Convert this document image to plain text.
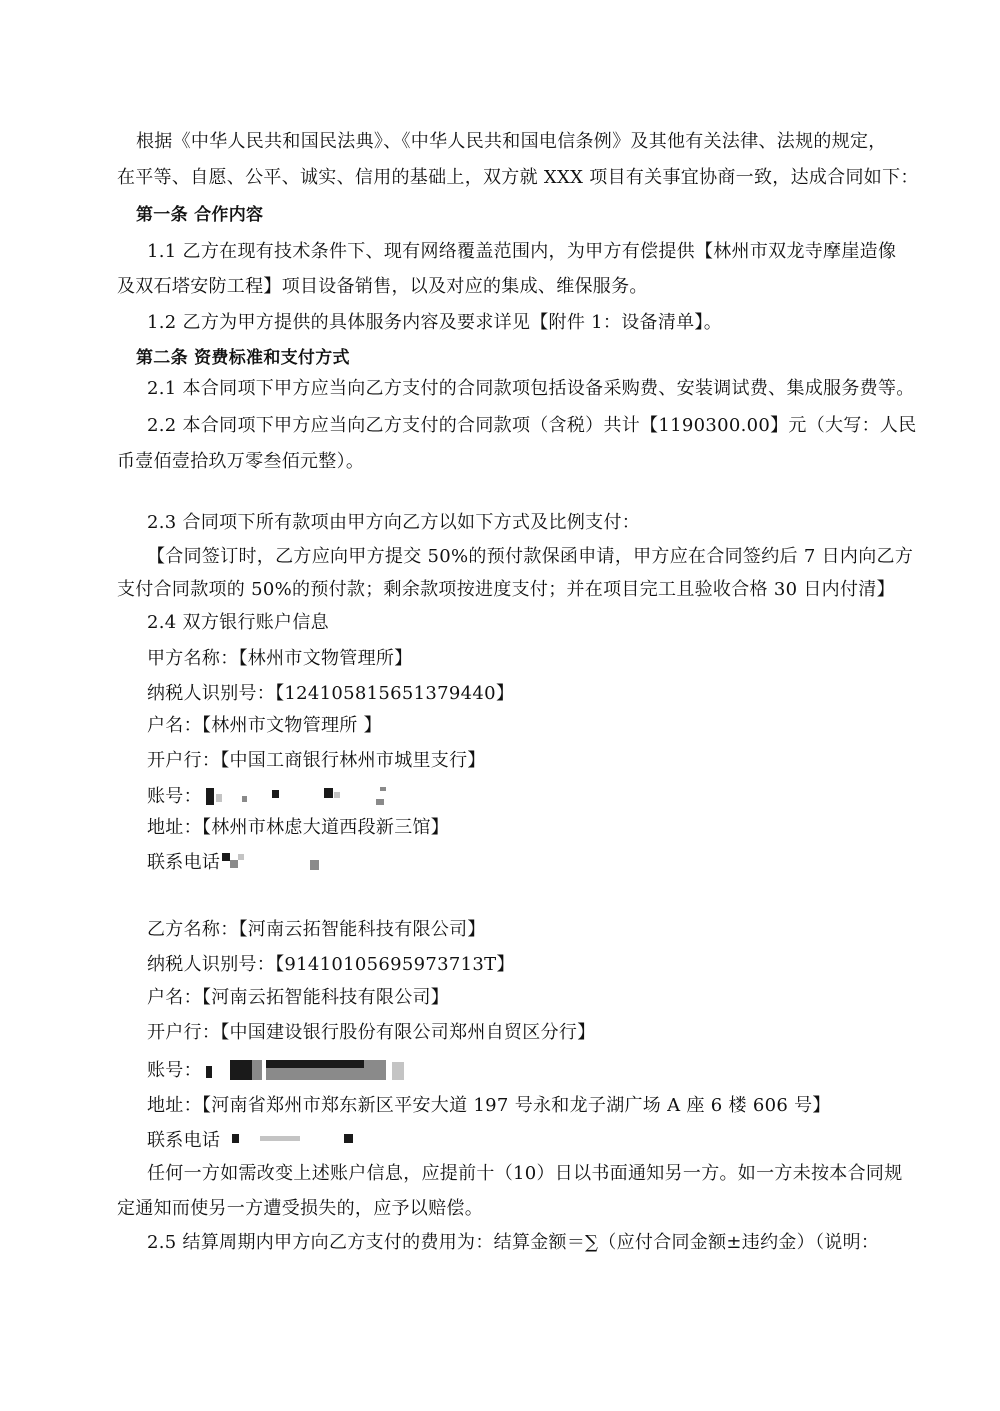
根据《中华人民共和国民法典》、《中华人民共和国电信条例》及其他有关法律、法规的规定，
在平等、自愿、公平、诚实、信用的基础上，双方就 XXX 项目有关事宜协商一致，达成合同如下：
第一条 合作内容
1.1 乙方在现有技术条件下、现有网络覆盖范围内，为甲方有偿提供【林州市双龙寺摩崖造像
及双石塔安防工程】项目设备销售，以及对应的集成、维保服务。
1.2 乙方为甲方提供的具体服务内容及要求详见【附件 1：设备清单】。
第二条 资费标准和支付方式
2.1 本合同项下甲方应当向乙方支付的合同款项包括设备采购费、安装调试费、集成服务费等。
2.2 本合同项下甲方应当向乙方支付的合同款项（含税）共计【1190300.00】元（大写：人民
币壹佰壹拾玖万零叁佰元整）。
2.3 合同项下所有款项由甲方向乙方以如下方式及比例支付：
【合同签订时，乙方应向甲方提交 50%的预付款保函申请，甲方应在合同签约后 7 日内向乙方
支付合同款项的 50%的预付款；剩余款项按进度支付；并在项目完工且验收合格 30 日内付清】
2.4 双方银行账户信息
甲方名称：【林州市文物管理所】
纳税人识别号：【124105815651379440】
户名：【林州市文物管理所 】
开户行：【中国工商银行林州市城里支行】
账号：
地址：【林州市林虑大道西段新三馆】
联系电话
乙方名称：【河南云拓智能科技有限公司】
纳税人识别号：【91410105695973713T】
户名：【河南云拓智能科技有限公司】
开户行：【中国建设银行股份有限公司郑州自贸区分行】
账号：
地址：【河南省郑州市郑东新区平安大道 197 号永和龙子湖广场 A 座 6 楼 606 号】
联系电话
任何一方如需改变上述账户信息，应提前十（10）日以书面通知另一方。如一方未按本合同规
定通知而使另一方遭受损失的，应予以赔偿。
2.5 结算周期内甲方向乙方支付的费用为：结算金额＝∑（应付合同金额±违约金）（说明：
